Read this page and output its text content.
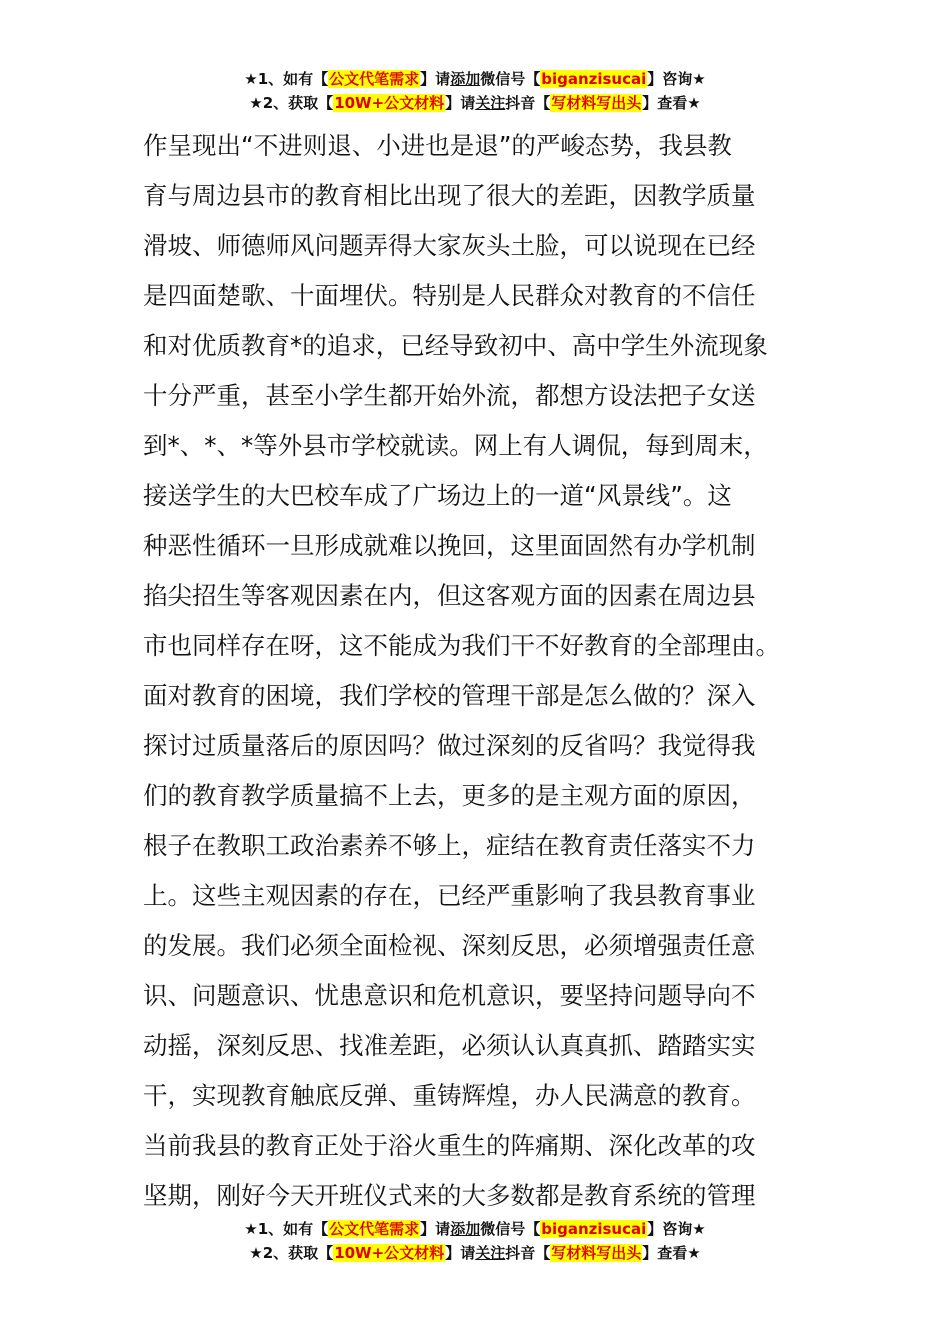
★1、如有【公文代笔需求】请添加微信号【biganzisucai】咨询★
★2、获取【10W+公文材料】请关注抖音【写材料写出头】查看★
作呈现出“不进则退、小进也是退”的严峻态势，我县教
育与周边县市的教育相比出现了很大的差距，因教学质量
滑坡、师德师风问题弄得大家灰头土脸，可以说现在已经
是四面楚歌、十面埋伏。特别是人民群众对教育的不信任
和对优质教育*的追求，已经导致初中、高中学生外流现象
十分严重，甚至小学生都开始外流，都想方设法把子女送
到*、*、*等外县市学校就读。网上有人调侃，每到周末，
接送学生的大巴校车成了广场边上的一道“风景线”。这
种恶性循环一旦形成就难以挽回，这里面固然有办学机制
掐尖招生等客观因素在内，但这客观方面的因素在周边县
市也同样存在呀，这不能成为我们干不好教育的全部理由。
面对教育的困境，我们学校的管理干部是怎么做的？深入
探讨过质量落后的原因吗？做过深刻的反省吗？我觉得我
们的教育教学质量搞不上去，更多的是主观方面的原因，
根子在教职工政治素养不够上，症结在教育责任落实不力
上。这些主观因素的存在，已经严重影响了我县教育事业
的发展。我们必须全面检视、深刻反思，必须增强责任意
识、问题意识、忧患意识和危机意识，要坚持问题导向不
动摇，深刻反思、找准差距，必须认认真真抓、踏踏实实
干，实现教育触底反弹、重铸辉煌，办人民满意的教育。
当前我县的教育正处于浴火重生的阵痛期、深化改革的攻
坚期，刚好今天开班仪式来的大多数都是教育系统的管理
★1、如有【公文代笔需求】请添加微信号【biganzisucai】咨询★
★2、获取【10W+公文材料】请关注抖音【写材料写出头】查看★
